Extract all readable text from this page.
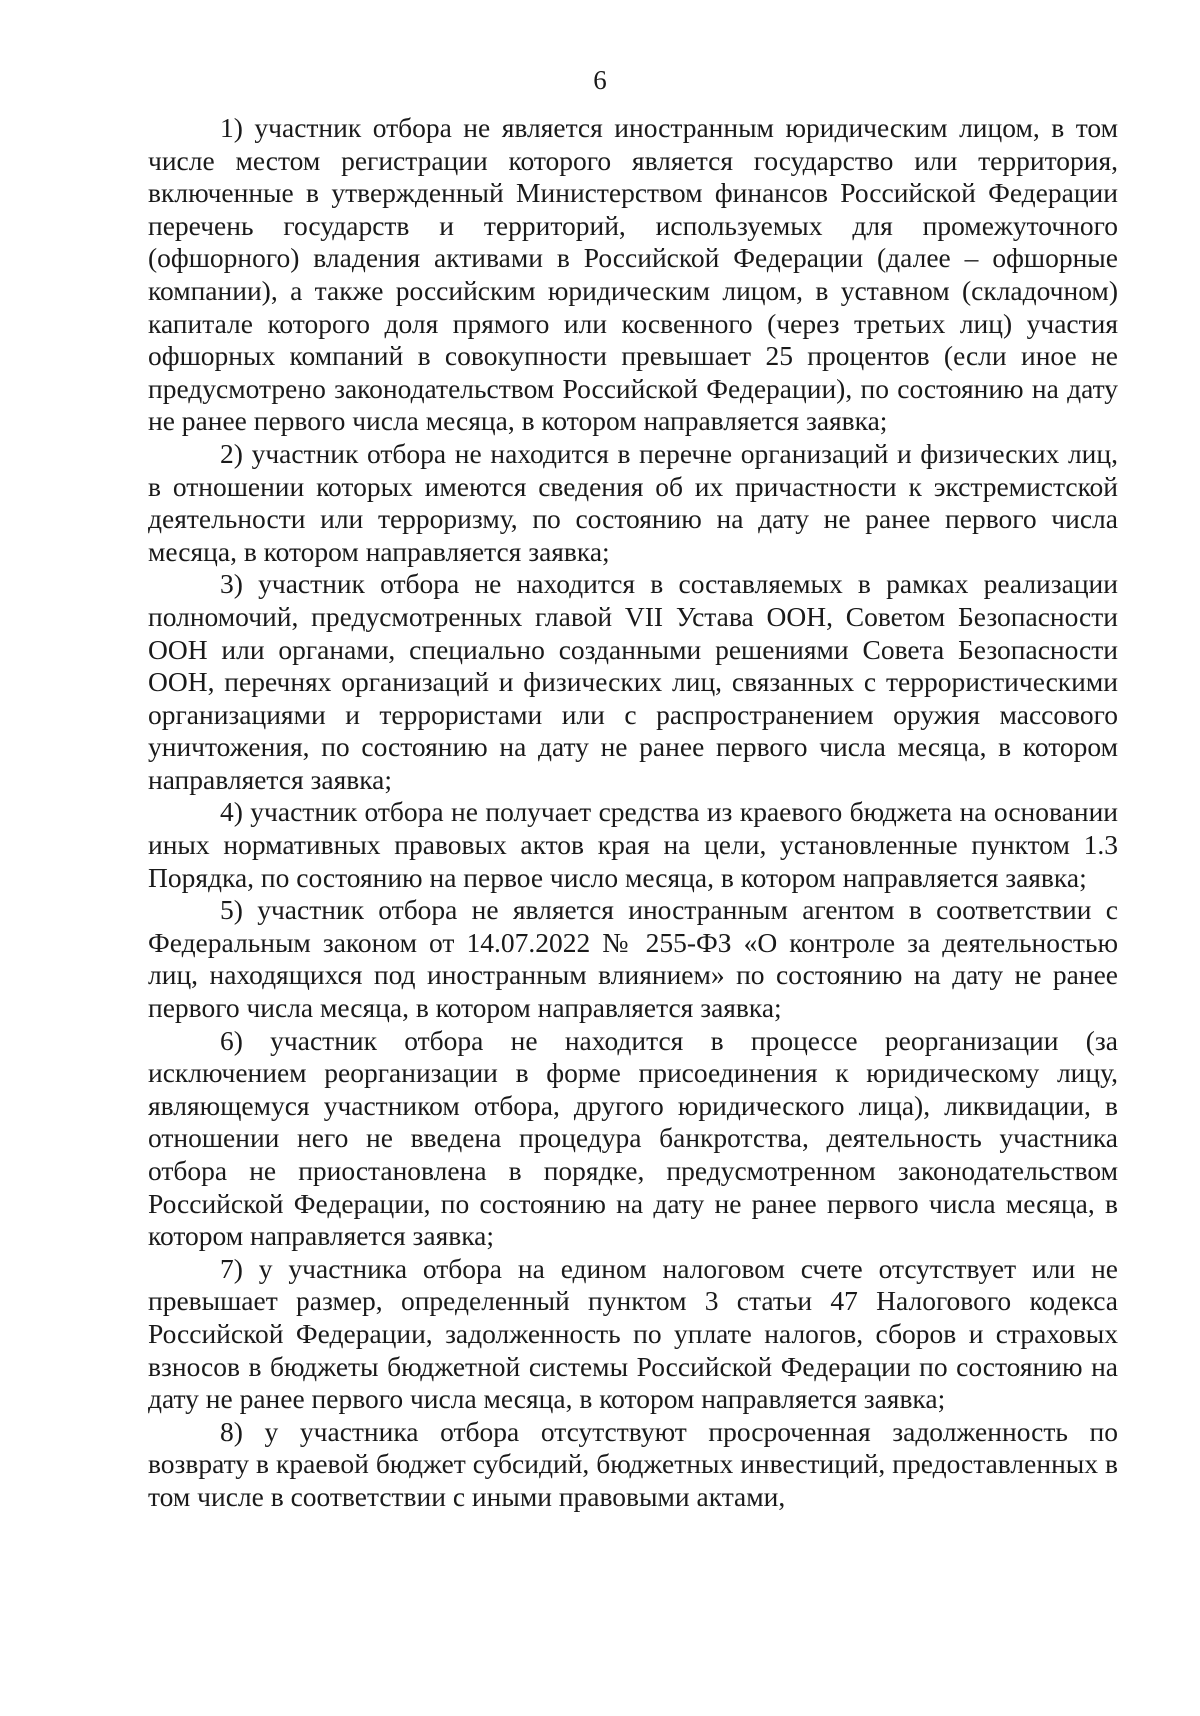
6

1) участник отбора не является иностранным юридическим лицом, в том числе местом регистрации которого является государство или территория, включенные в утвержденный Министерством финансов Российской Федерации перечень государств и территорий, используемых для промежуточного (офшорного) владения активами в Российской Федерации (далее – офшорные компании), а также российским юридическим лицом, в уставном (складочном) капитале которого доля прямого или косвенного (через третьих лиц) участия офшорных компаний в совокупности превышает 25 процентов (если иное не предусмотрено законодательством Российской Федерации), по состоянию на дату не ранее первого числа месяца, в котором направляется заявка;

2) участник отбора не находится в перечне организаций и физических лиц, в отношении которых имеются сведения об их причастности к экстремистской деятельности или терроризму, по состоянию на дату не ранее первого числа месяца, в котором направляется заявка;

3) участник отбора не находится в составляемых в рамках реализации полномочий, предусмотренных главой VII Устава ООН, Советом Безопасности ООН или органами, специально созданными решениями Совета Безопасности ООН, перечнях организаций и физических лиц, связанных с террористическими организациями и террористами или с распространением оружия массового уничтожения, по состоянию на дату не ранее первого числа месяца, в котором направляется заявка;

4) участник отбора не получает средства из краевого бюджета на основании иных нормативных правовых актов края на цели, установленные пунктом 1.3 Порядка, по состоянию на первое число месяца, в котором направляется заявка;

5) участник отбора не является иностранным агентом в соответствии с Федеральным законом от 14.07.2022 № 255-ФЗ «О контроле за деятельностью лиц, находящихся под иностранным влиянием» по состоянию на дату не ранее первого числа месяца, в котором направляется заявка;

6) участник отбора не находится в процессе реорганизации (за исключением реорганизации в форме присоединения к юридическому лицу, являющемуся участником отбора, другого юридического лица), ликвидации, в отношении него не введена процедура банкротства, деятельность участника отбора не приостановлена в порядке, предусмотренном законодательством Российской Федерации, по состоянию на дату не ранее первого числа месяца, в котором направляется заявка;

7) у участника отбора на едином налоговом счете отсутствует или не превышает размер, определенный пунктом 3 статьи 47 Налогового кодекса Российской Федерации, задолженность по уплате налогов, сборов и страховых взносов в бюджеты бюджетной системы Российской Федерации по состоянию на дату не ранее первого числа месяца, в котором направляется заявка;

8) у участника отбора отсутствуют просроченная задолженность по возврату в краевой бюджет субсидий, бюджетных инвестиций, предоставленных в том числе в соответствии с иными правовыми актами,
